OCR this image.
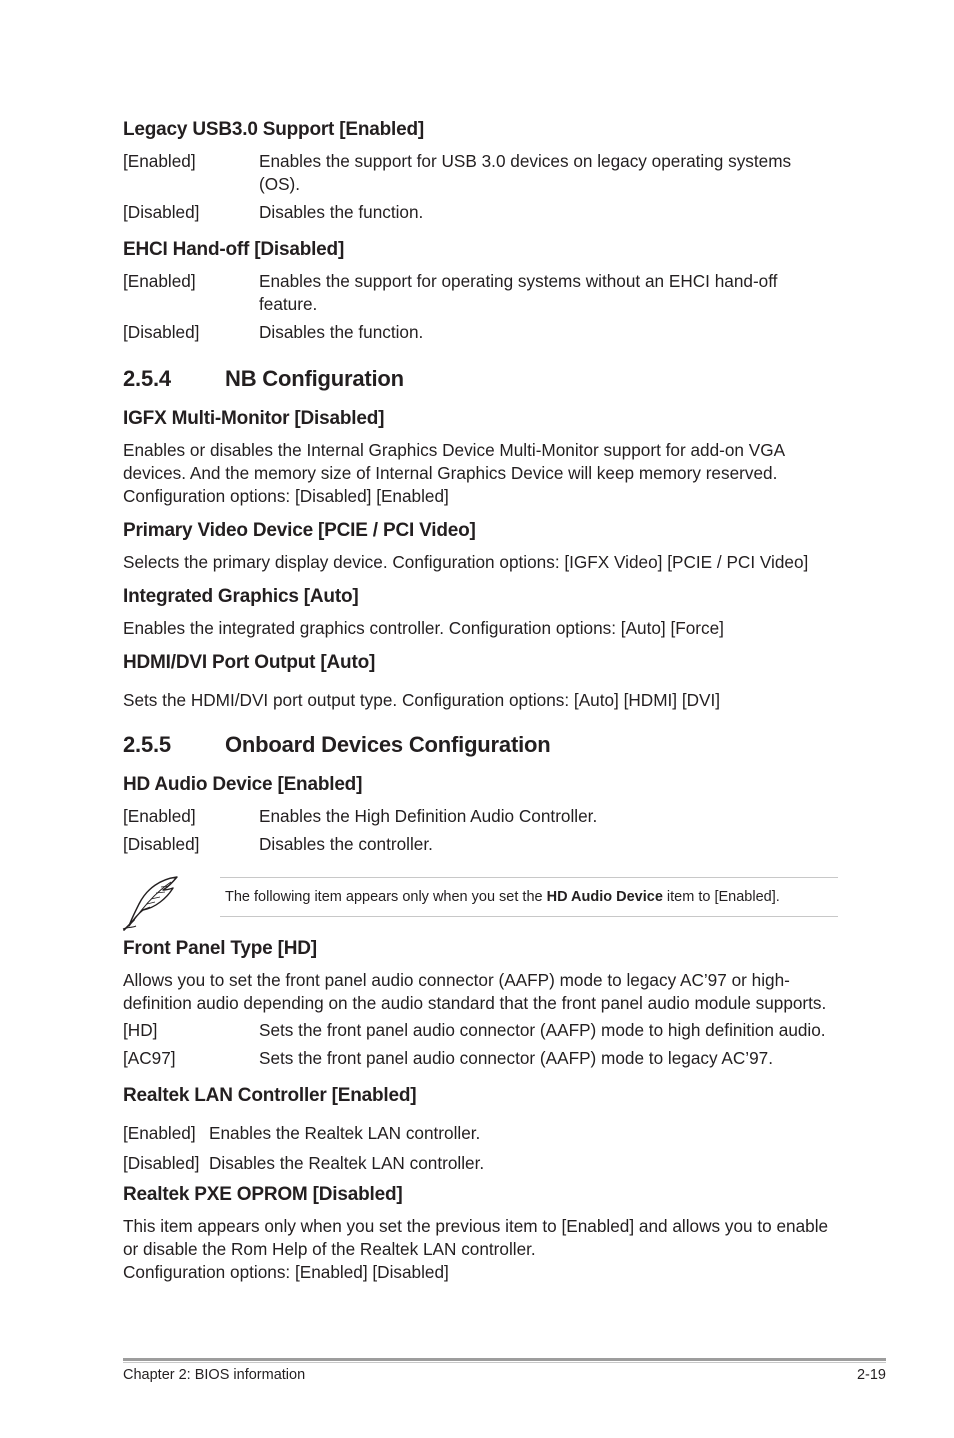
Legacy USB3.0 Support [Enabled]
[Enabled]	Enables the support for USB 3.0 devices on legacy operating systems
(OS).
[Disabled]	Disables the function.
EHCI Hand-off [Disabled]
[Enabled]	Enables the support for operating systems without an EHCI hand-off
feature.
[Disabled]	Disables the function.
2.5.4 NB Configuration
IGFX Multi-Monitor [Disabled]
Enables or disables the Internal Graphics Device Multi-Monitor support for add-on VGA
devices. And the memory size of Internal Graphics Device will keep memory reserved.
Configuration options: [Disabled] [Enabled]
Primary Video Device [PCIE / PCI Video]
Selects the primary display device. Configuration options: [IGFX Video] [PCIE / PCI Video]
Integrated Graphics [Auto]
Enables the integrated graphics controller. Configuration options: [Auto] [Force]
HDMI/DVI Port Output [Auto]
Sets the HDMI/DVI port output type. Configuration options: [Auto] [HDMI] [DVI]
2.5.5 Onboard Devices Configuration
HD Audio Device [Enabled]
[Enabled]	Enables the High Definition Audio Controller.
[Disabled]	Disables the controller.
The following item appears only when you set the HD Audio Device item to [Enabled].
Front Panel Type [HD]
Allows you to set the front panel audio connector (AAFP) mode to legacy AC’97 or high-
definition audio depending on the audio standard that the front panel audio module supports.
[HD]	Sets the front panel audio connector (AAFP) mode to high definition audio.
[AC97]	Sets the front panel audio connector (AAFP) mode to legacy AC’97.
Realtek LAN Controller [Enabled]
[Enabled] Enables the Realtek LAN controller.
[Disabled] Disables the Realtek LAN controller.
Realtek PXE OPROM [Disabled]
This item appears only when you set the previous item to [Enabled] and allows you to enable
or disable the Rom Help of the Realtek LAN controller.
Configuration options: [Enabled] [Disabled]
Chapter 2: BIOS information	2-19
